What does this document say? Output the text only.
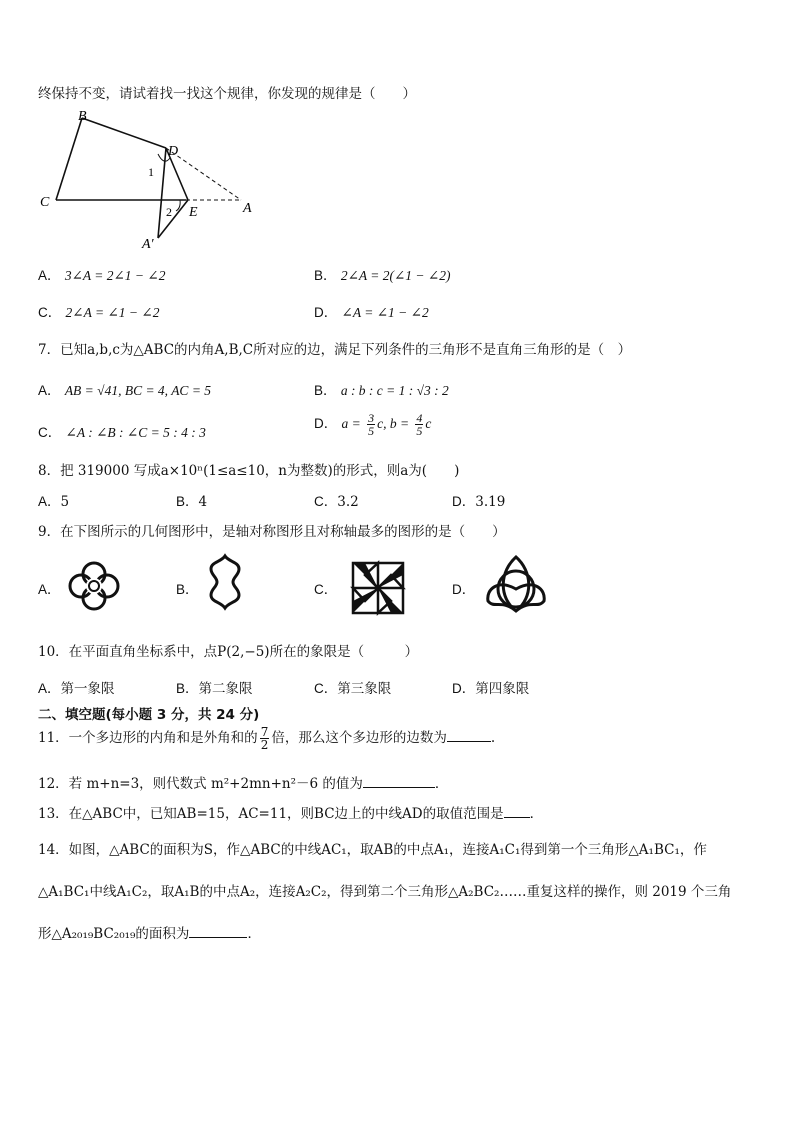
终保持不变，请试着找一找这个规律，你发现的规律是（　　）
B
D
1
C
2 E	A
A′
A． 3∠A = 2∠1 − ∠2	B． 2∠A = 2(∠1 − ∠2)
C． 2∠A = ∠1 − ∠2	D． ∠A = ∠1 − ∠2
7．已知a,b,c为△ABC的内角A,B,C所对应的边，满足下列条件的三角形不是直角三角形的是（　）
A． AB = √41, BC = 4, AC = 5	B． a : b : c = 1 : √3 : 2
C． ∠A : ∠B : ∠C = 5 : 4 : 3
D． $a = \frac{3}{5} c$, $b = \frac{4}{5}$ c
8．把 319000 写成a×10ⁿ(1≤a≤10，n为整数)的形式，则a为(　　)
A．5	B．4	C．3.2	D．3.19
9．在下图所示的几何图形中，是轴对称图形且对称轴最多的图形的是（　　）
A．	B．	C．	D．
10．在平面直角坐标系中，点P(2,−5)所在的象限是（　　　）
A．第一象限	B．第二象限	C．第三象限	D．第四象限
二、填空题(每小题 3 分，共 24 分)
11．一个多边形的内角和是外角和的 $\frac{7}{2}$ 倍，那么这个多边形的边数为	.
12．若 m+n=3，则代数式 m²+2mn+n²－6 的值为	．
13．在△ABC中，已知AB=15，AC=11，则BC边上的中线AD的取值范围是 ．
14．如图，△ABC的面积为S，作△ABC的中线AC₁，取AB的中点A₁，连接A₁C₁得到第一个三角形△A₁BC₁，作
△A₁BC₁中线A₁C₂，取A₁B的中点A₂，连接A₂C₂，得到第二个三角形△A₂BC₂……重复这样的操作，则 2019 个三角
形△A₂₀₁₉BC₂₀₁₉的面积为	．
